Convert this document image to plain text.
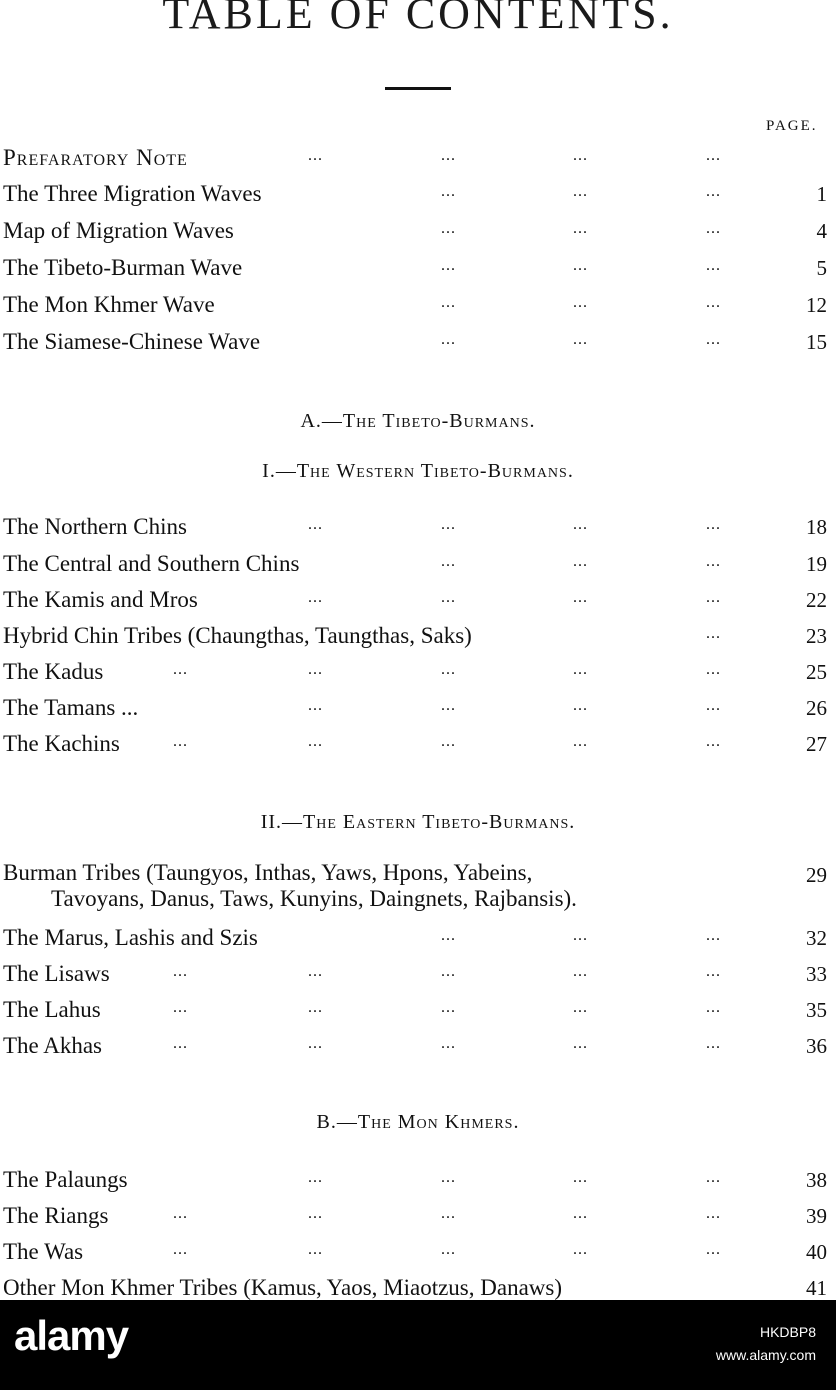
TABLE OF CONTENTS.
PAGE.
Prefaratory Note	...	...	...	...
The Three Migration Waves	...	...	...	1
Map of Migration Waves	...	...	...	4
The Tibeto-Burman Wave	...	...	...	5
The Mon Khmer Wave	...	...	...	12
The Siamese-Chinese Wave	...	...	...	15
The Northern Chins	...	...	...	...	18
The Central and Southern Chins	...	...	...	19
The Kamis and Mros	...	...	...	...	22
Hybrid Chin Tribes (Chaungthas, Taungthas, Saks)	...	23
The Kadus	...	...	...	...	...	25
The Tamans ...	...	...	...	...	26
The Kachins	...	...	...	...	...	27
The Marus, Lashis and Szis	...	...	...	32
The Lisaws	...	...	...	...	...	33
The Lahus	...	...	...	...	...	35
The Akhas	...	...	...	...	...	36
The Palaungs	...	...	...	...	38
The Riangs	...	...	...	...	...	39
The Was	...	...	...	...	...	40
Other Mon Khmer Tribes (Kamus, Yaos, Miaotzus, Danaws)	41
A.—The Tibeto-Burmans.
I.—The Western Tibeto-Burmans.
II.—The Eastern Tibeto-Burmans.
Burman Tribes (Taungyos, Inthas, Yaws, Hpons, Yabeins,
Tavoyans, Danus, Taws, Kunyins, Daingnets, Rajbansis).
29
B.—The Mon Khmers.
alamy	HKDBP8
www.alamy.com
